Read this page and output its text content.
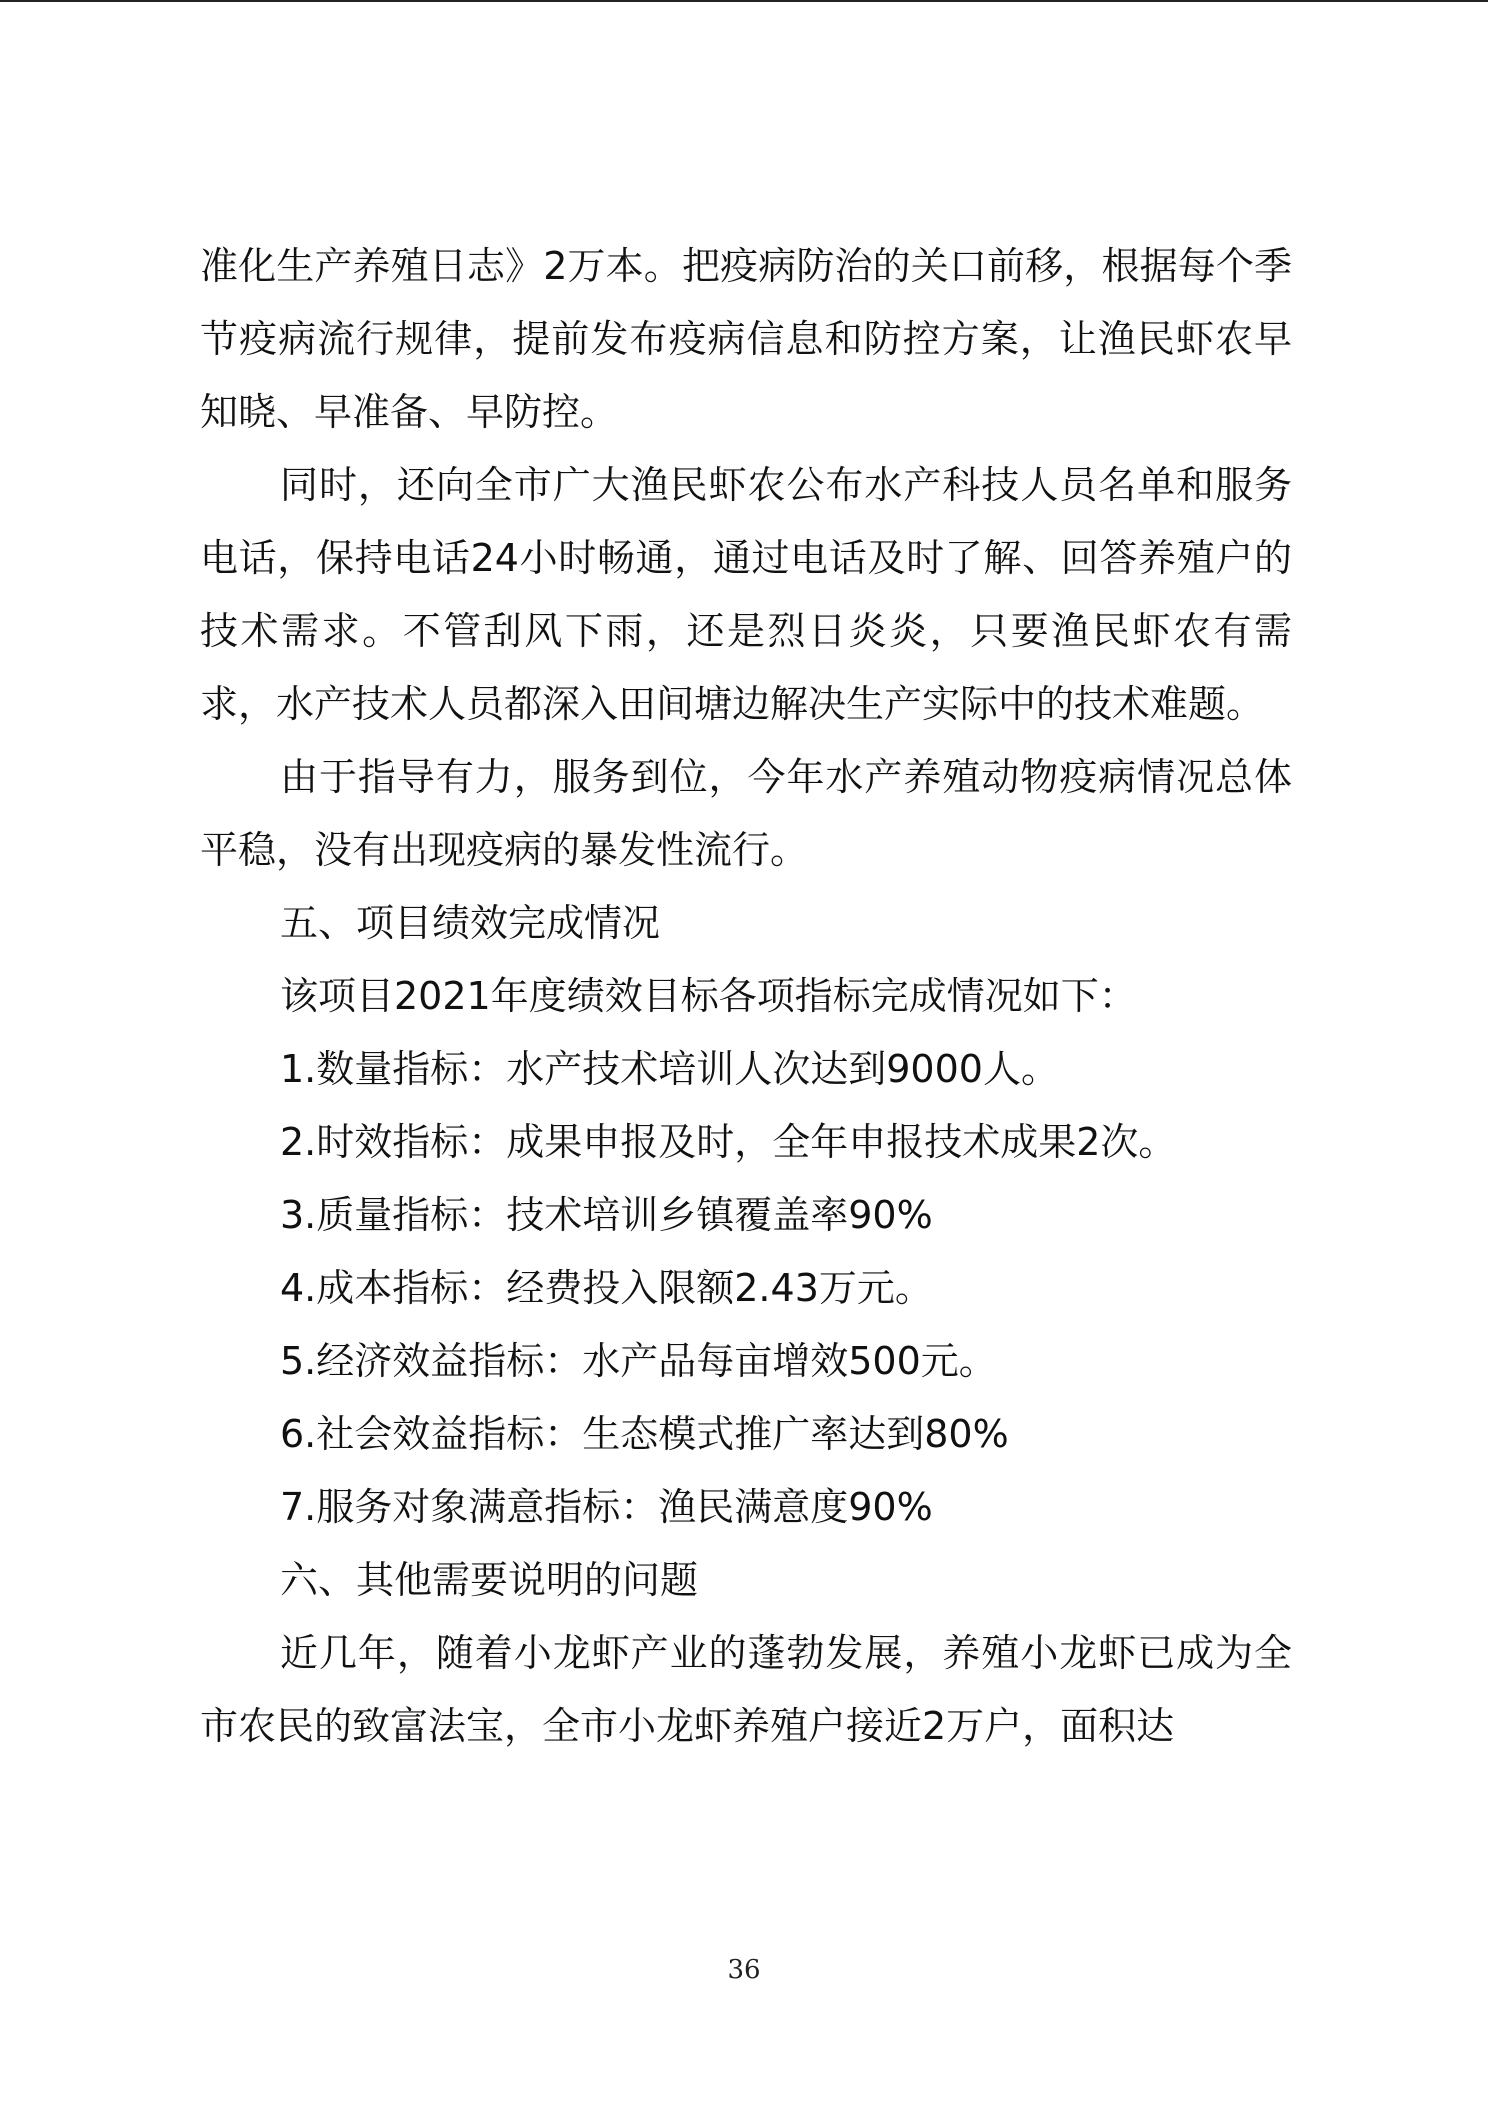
准化生产养殖日志》2万本。把疫病防治的关口前移，根据每个季节疫病流行规律，提前发布疫病信息和防控方案，让渔民虾农早知晓、早准备、早防控。

同时，还向全市广大渔民虾农公布水产科技人员名单和服务电话，保持电话24小时畅通，通过电话及时了解、回答养殖户的技术需求。不管刮风下雨，还是烈日炎炎，只要渔民虾农有需求，水产技术人员都深入田间塘边解决生产实际中的技术难题。

由于指导有力，服务到位，今年水产养殖动物疫病情况总体平稳，没有出现疫病的暴发性流行。

五、项目绩效完成情况

该项目2021年度绩效目标各项指标完成情况如下：

1.数量指标：水产技术培训人次达到9000人。

2.时效指标：成果申报及时，全年申报技术成果2次。

3.质量指标：技术培训乡镇覆盖率90%

4.成本指标：经费投入限额2.43万元。

5.经济效益指标：水产品每亩增效500元。

6.社会效益指标：生态模式推广率达到80%

7.服务对象满意指标：渔民满意度90%

六、其他需要说明的问题

近几年，随着小龙虾产业的蓬勃发展，养殖小龙虾已成为全市农民的致富法宝，全市小龙虾养殖户接近2万户，面积达

36
